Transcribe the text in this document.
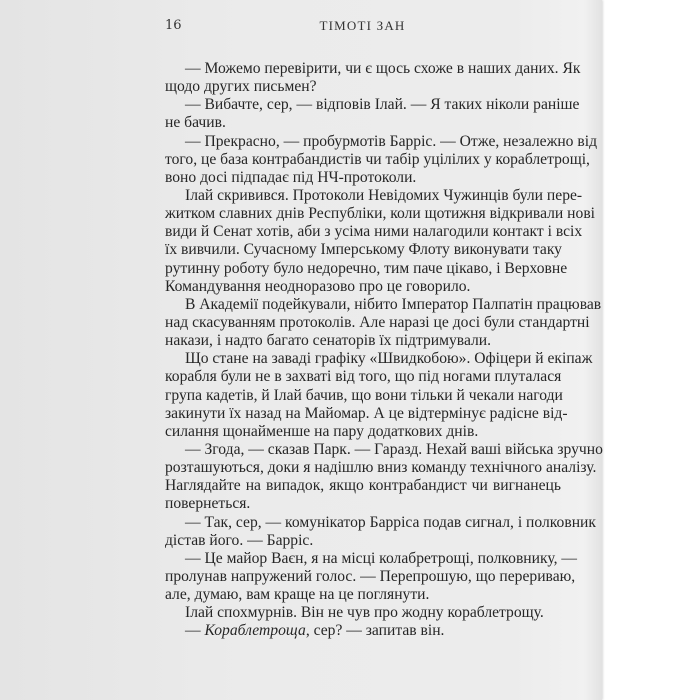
16	ТІМОТІ ЗАН
— Можемо перевірити, чи є щось схоже в наших даних. Як
щодо других письмен?
— Вибачте, сер, — відповів Ілай. — Я таких ніколи раніше
не бачив.
— Прекрасно, — пробурмотів Барріс. — Отже, незалежно від
того, це база контрабандистів чи табір уцілілих у кораблетрощі,
воно досі підпадає під НЧ-протоколи.
Ілай скривився. Протоколи Невідомих Чужинців були пере-
житком славних днів Республіки, коли щотижня відкривали нові
види й Сенат хотів, аби з усіма ними налагодили контакт і всіх
їх вивчили. Сучасному Імперському Флоту виконувати таку
рутинну роботу було недоречно, тим паче цікаво, і Верховне
Командування неодноразово про це говорило.
В Академії подейкували, нібито Імператор Палпатін працював
над скасуванням протоколів. Але наразі це досі були стандартні
накази, і надто багато сенаторів їх підтримували.
Що стане на заваді графіку «Швидкобою». Офіцери й екіпаж
корабля були не в захваті від того, що під ногами плуталася
група кадетів, й Ілай бачив, що вони тільки й чекали нагоди
закинути їх назад на Майомар. А це відтермінує радісне від-
силання щонайменше на пару додаткових днів.
— Згода, — сказав Парк. — Гаразд. Нехай ваші війська зручно
розташуються, доки я надішлю вниз команду технічного аналізу.
Наглядайте на випадок, якщо контрабандист чи вигнанець
повернеться.
— Так, сер, — комунікатор Барріса подав сигнал, і полковник
дістав його. — Барріс.
— Це майор Ваєн, я на місці колабретрощі, полковнику, —
пролунав напружений голос. — Перепрошую, що перериваю,
але, думаю, вам краще на це поглянути.
Ілай спохмурнів. Він не чув про жодну кораблетрощу.
— Кораблетроща, сер? — запитав він.
